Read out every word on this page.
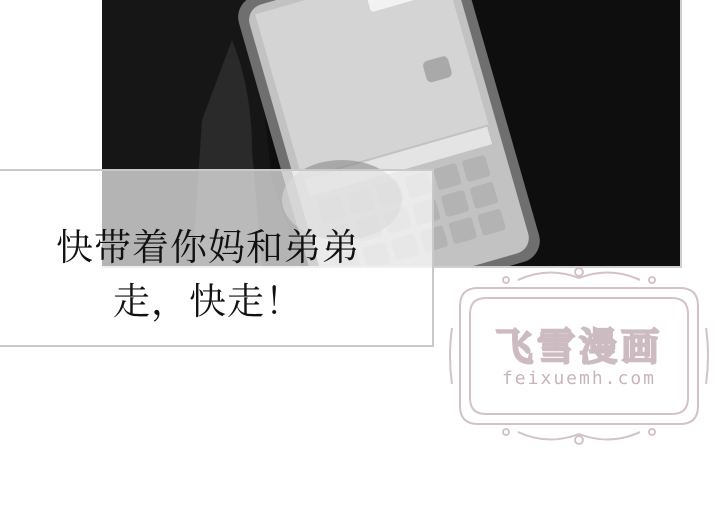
快带着你妈和弟弟
走，快走！
飞雪漫画
feixuemh.com
